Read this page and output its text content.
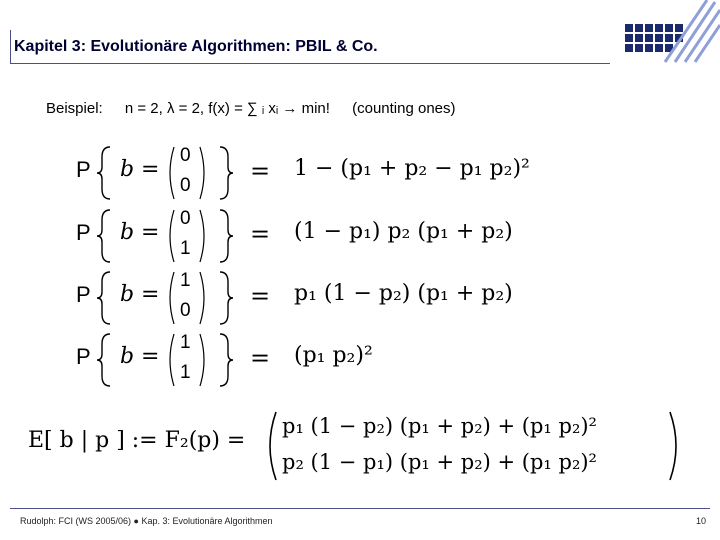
Kapitel 3: Evolutionäre Algorithmen: PBIL & Co.
Beispiel: n = 2, λ = 2, f(x) = ∑ ᵢ xᵢ → min! (counting ones)
P b =
0
0
= 1 − (p₁ + p₂ − p₁ p₂)²
P b =
0
1
= (1 − p₁) p₂ (p₁ + p₂)
P b =
1
0
= p₁ (1 − p₂) (p₁ + p₂)
P b =
1
1
= (p₁ p₂)²
E[ b | p ] := F₂(p) =
p₁ (1 − p₂) (p₁ + p₂) + (p₁ p₂)²
p₂ (1 − p₁) (p₁ + p₂) + (p₁ p₂)²
Rudolph: FCI (WS 2005/06) ● Kap. 3: Evolutionäre Algorithmen	10
